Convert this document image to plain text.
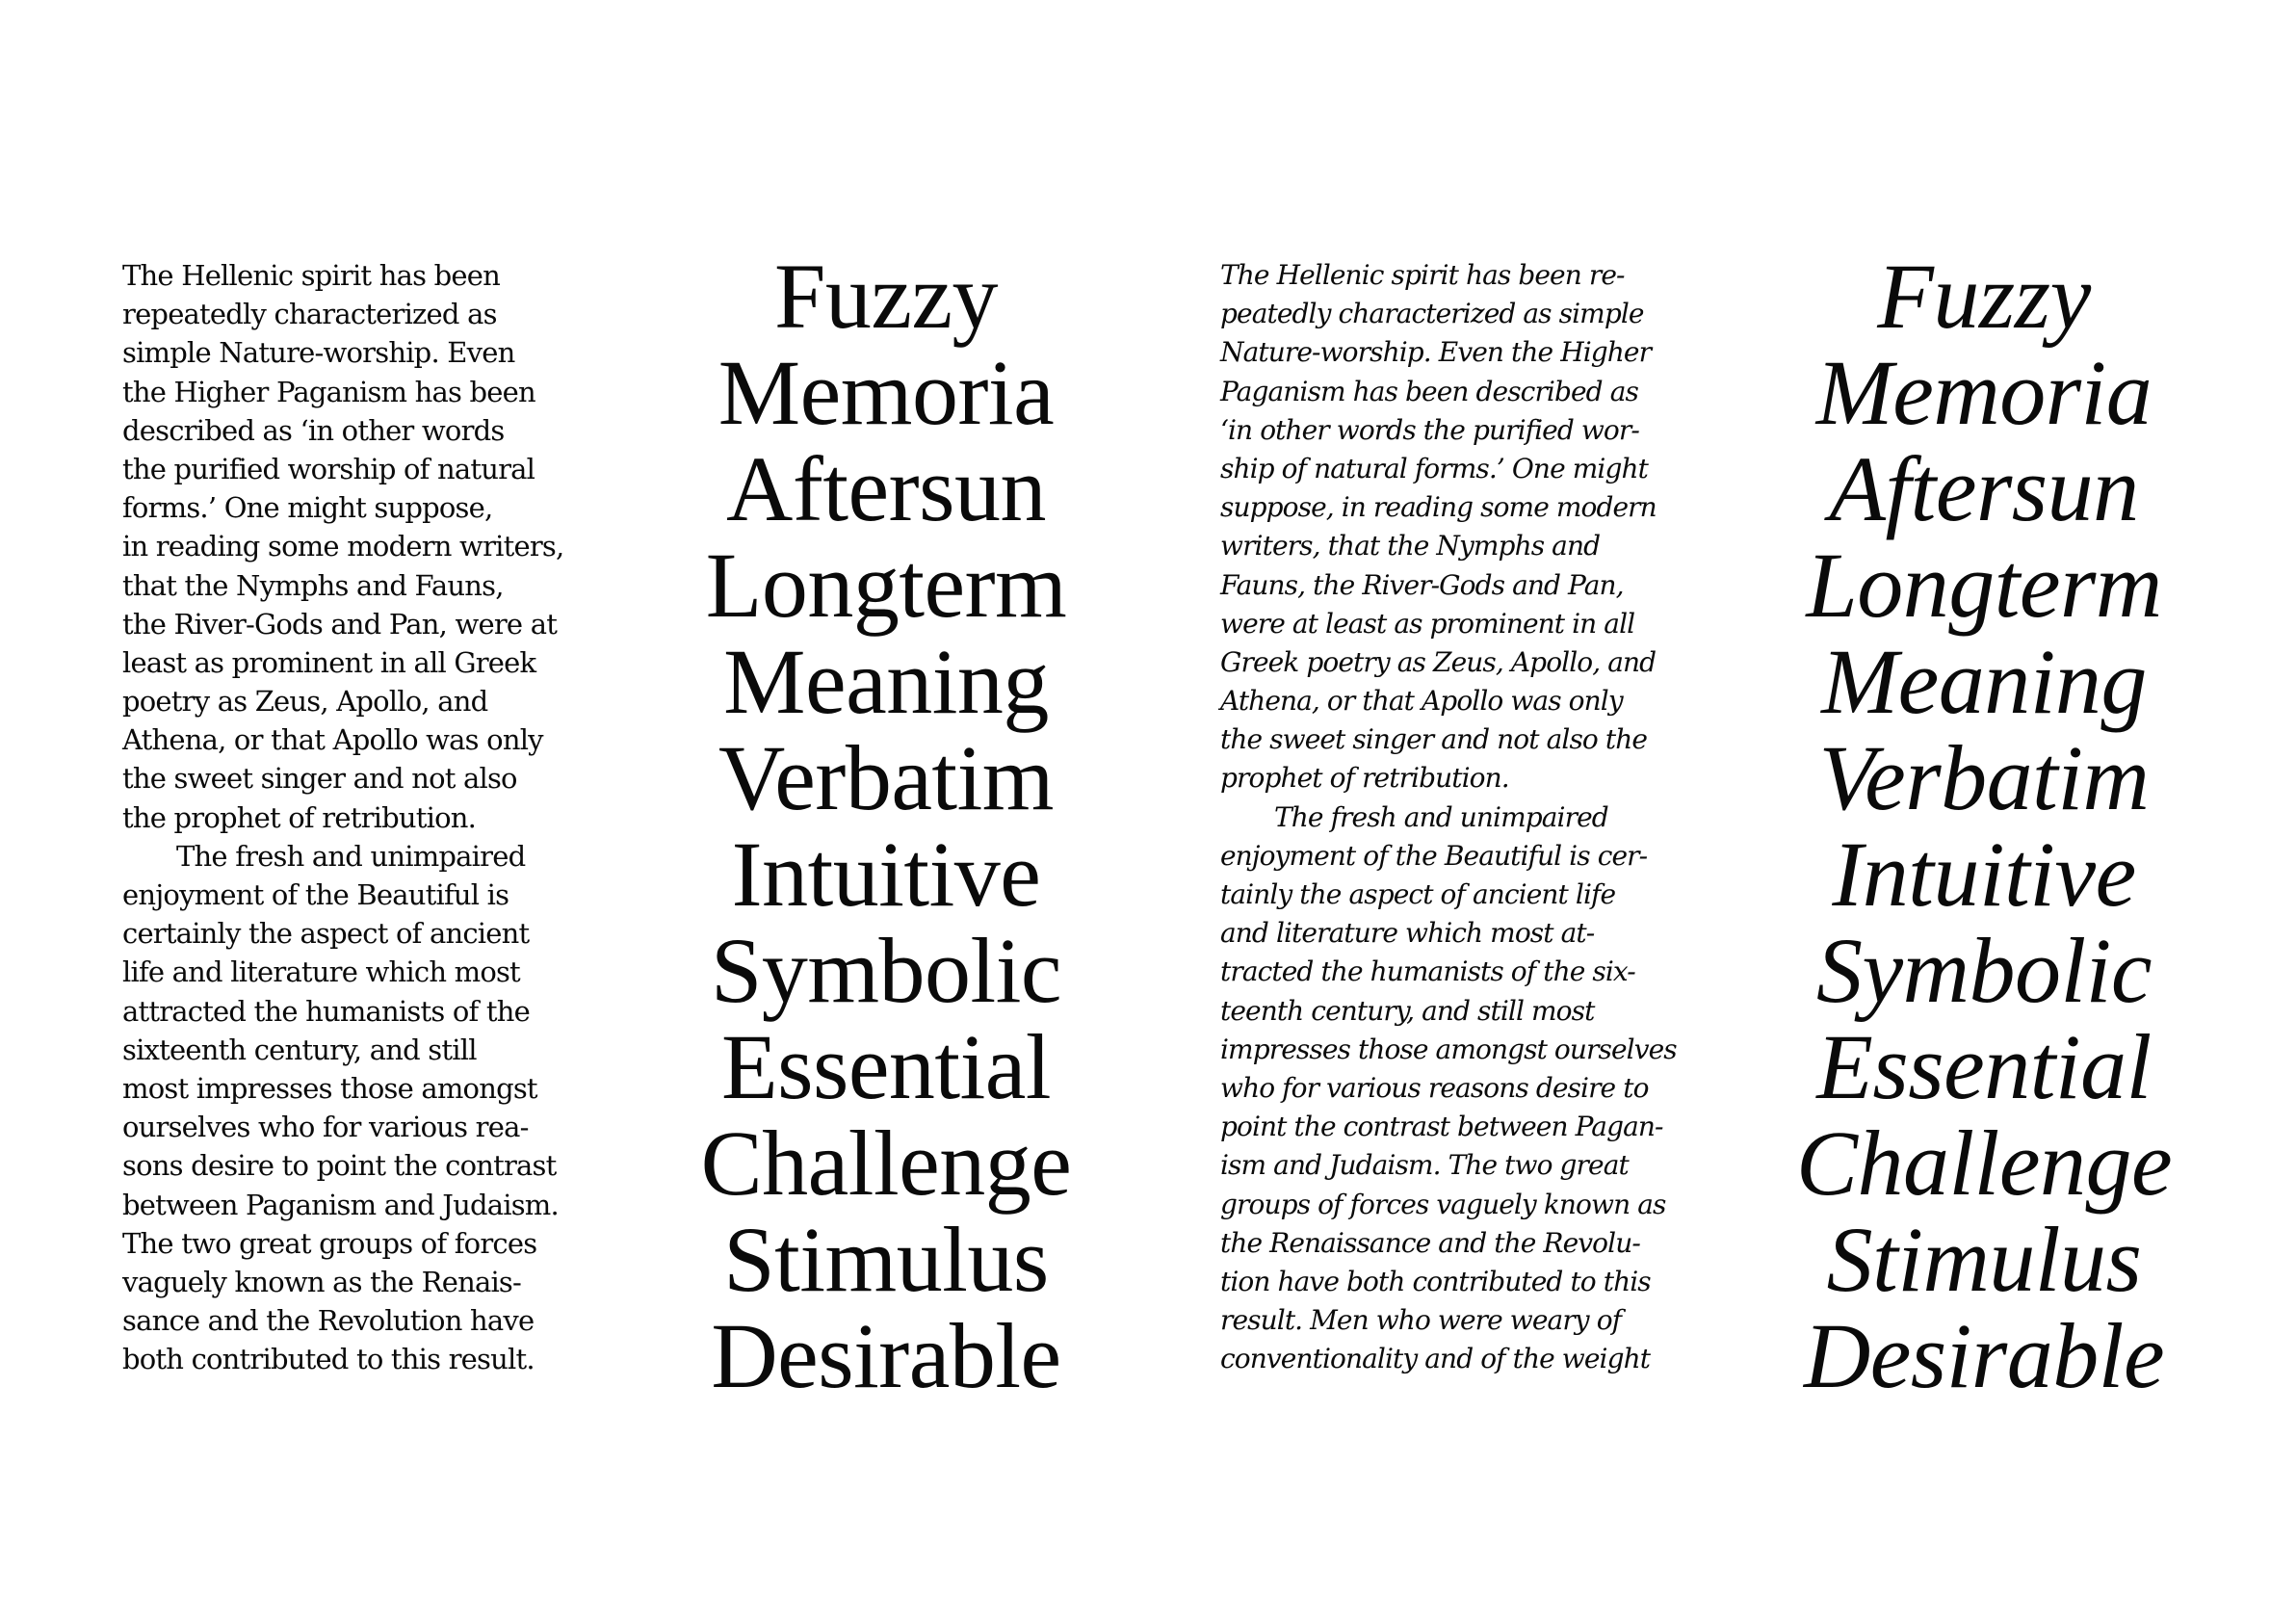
The Hellenic spirit has been
repeatedly characterized as
simple Nature-worship. Even
the Higher Paganism has been
described as ‘in other words
the purified worship of natural
forms.’ One might suppose,
in reading some modern writers,
that the Nymphs and Fauns,
the River-Gods and Pan, were at
least as prominent in all Greek
poetry as Zeus, Apollo, and
Athena, or that Apollo was only
the sweet singer and not also
the prophet of retribution.
The fresh and unimpaired
enjoyment of the Beautiful is
certainly the aspect of ancient
life and literature which most
attracted the humanists of the
sixteenth century, and still
most impresses those amongst
ourselves who for various rea-
sons desire to point the contrast
between Paganism and Judaism.
The two great groups of forces
vaguely known as the Renais-
sance and the Revolution have
both contributed to this result.
Fuzzy
Memoria
Aftersun
Longterm
Meaning
Verbatim
Intuitive
Symbolic
Essential
Challenge
Stimulus
Desirable
The Hellenic spirit has been re-
peatedly characterized as simple
Nature-worship. Even the Higher
Paganism has been described as
‘in other words the purified wor-
ship of natural forms.’ One might
suppose, in reading some modern
writers, that the Nymphs and
Fauns, the River-Gods and Pan,
were at least as prominent in all
Greek poetry as Zeus, Apollo, and
Athena, or that Apollo was only
the sweet singer and not also the
prophet of retribution.
The fresh and unimpaired
enjoyment of the Beautiful is cer-
tainly the aspect of ancient life
and literature which most at-
tracted the humanists of the six-
teenth century, and still most
impresses those amongst ourselves
who for various reasons desire to
point the contrast between Pagan-
ism and Judaism. The two great
groups of forces vaguely known as
the Renaissance and the Revolu-
tion have both contributed to this
result. Men who were weary of
conventionality and of the weight
Fuzzy
Memoria
Aftersun
Longterm
Meaning
Verbatim
Intuitive
Symbolic
Essential
Challenge
Stimulus
Desirable
